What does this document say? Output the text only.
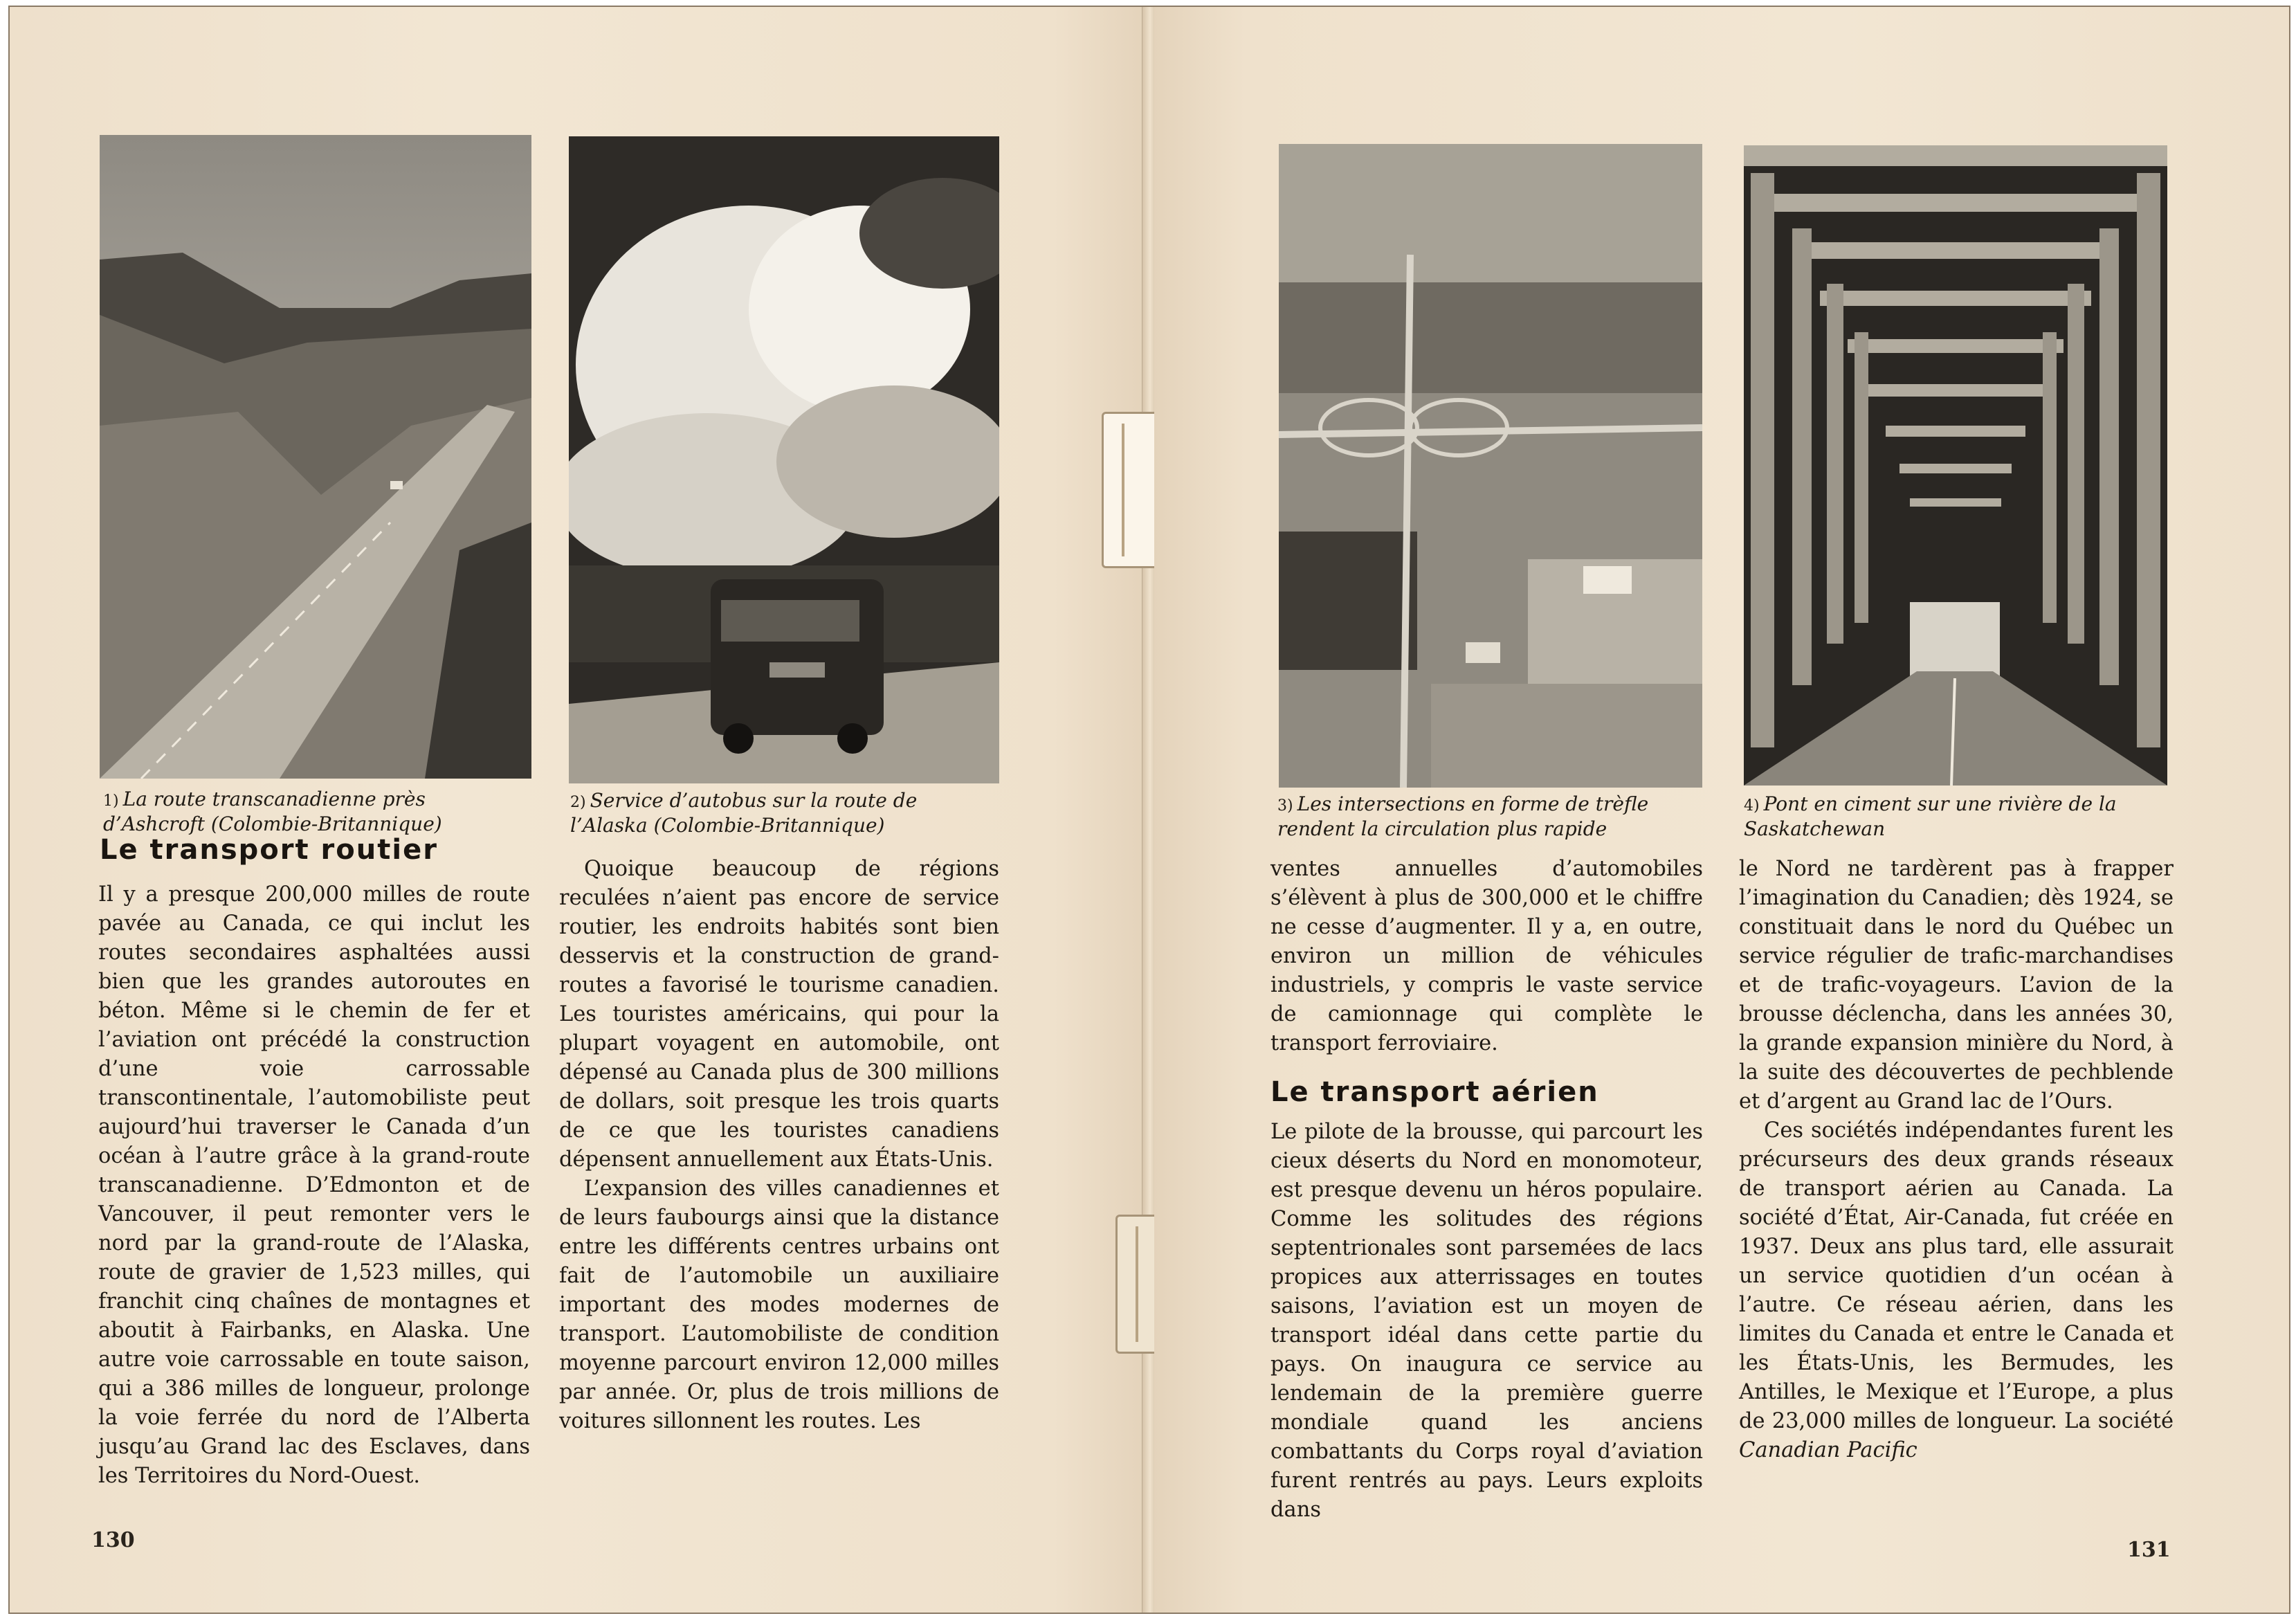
1) La route transcanadienne près d’Ashcroft (Colombie-Britannique)
2) Service d’autobus sur la route de l’Alaska (Colombie-Britannique)
Le transport routier

Il y a presque 200,000 milles de route pavée au Canada, ce qui inclut les routes secondaires asphaltées aussi bien que les grandes autoroutes en béton. Même si le chemin de fer et l’aviation ont précédé la construction d’une voie carrossable transcontinentale, l’automobiliste peut aujourd’hui traverser le Canada d’un océan à l’autre grâce à la grand-route transcanadienne. D’Edmonton et de Vancouver, il peut remonter vers le nord par la grand-route de l’Alaska, route de gravier de 1,523 milles, qui franchit cinq chaînes de montagnes et aboutit à Fairbanks, en Alaska. Une autre voie carrossable en toute saison, qui a 386 milles de longueur, prolonge la voie ferrée du nord de l’Alberta jusqu’au Grand lac des Esclaves, dans les Territoires du Nord-Ouest.

Quoique beaucoup de régions reculées n’aient pas encore de service routier, les endroits habités sont bien desservis et la construction de grand-routes a favorisé le tourisme canadien. Les touristes américains, qui pour la plupart voyagent en automobile, ont dépensé au Canada plus de 300 millions de dollars, soit presque les trois quarts de ce que les touristes canadiens dépensent annuellement aux États-Unis.

L’expansion des villes canadiennes et de leurs faubourgs ainsi que la distance entre les différents centres urbains ont fait de l’automobile un auxiliaire important des modes modernes de transport. L’automobiliste de condition moyenne parcourt environ 12,000 milles par année. Or, plus de trois millions de voitures sillonnent les routes. Les

130
3) Les intersections en forme de trèfle rendent la circulation plus rapide
4) Pont en ciment sur une rivière de la Saskatchewan

ventes annuelles d’automobiles s’élèvent à plus de 300,000 et le chiffre ne cesse d’augmenter. Il y a, en outre, environ un million de véhicules industriels, y compris le vaste service de camionnage qui complète le transport ferroviaire.

Le transport aérien

Le pilote de la brousse, qui parcourt les cieux déserts du Nord en monomoteur, est presque devenu un héros populaire. Comme les solitudes des régions septentrionales sont parsemées de lacs propices aux atterrissages en toutes saisons, l’aviation est un moyen de transport idéal dans cette partie du pays. On inaugura ce service au lendemain de la première guerre mondiale quand les anciens combattants du Corps royal d’aviation furent rentrés au pays. Leurs exploits dans

le Nord ne tardèrent pas à frapper l’imagination du Canadien; dès 1924, se constituait dans le nord du Québec un service régulier de trafic-marchandises et de trafic-voyageurs. L’avion de la brousse déclencha, dans les années 30, la grande expansion minière du Nord, à la suite des découvertes de pechblende et d’argent au Grand lac de l’Ours.

Ces sociétés indépendantes furent les précurseurs des deux grands réseaux de transport aérien au Canada. La société d’État, Air-Canada, fut créée en 1937. Deux ans plus tard, elle assurait un service quotidien d’un océan à l’autre. Ce réseau aérien, dans les limites du Canada et entre le Canada et les États-Unis, les Bermudes, les Antilles, le Mexique et l’Europe, a plus de 23,000 milles de longueur. La société Canadian Pacific

131
